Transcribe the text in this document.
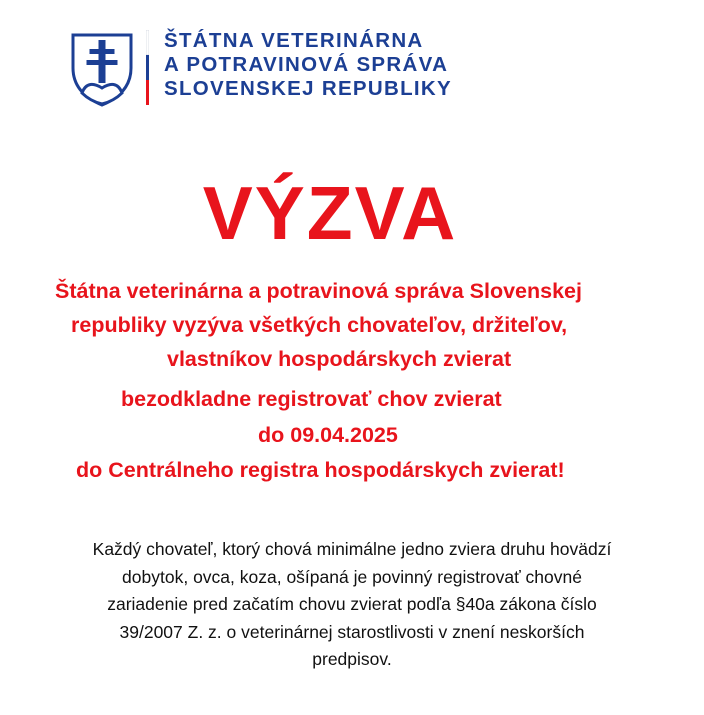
ŠTÁTNA VETERINÁRNA
A POTRAVINOVÁ SPRÁVA
SLOVENSKEJ REPUBLIKY
VÝZVA
Štátna veterinárna a potravinová správa Slovenskej
republiky vyzýva všetkých chovateľov, držiteľov,
vlastníkov hospodárskych zvierat
bezodkladne registrovať chov zvierat
do 09.04.2025
do Centrálneho registra hospodárskych zvierat!
Každý chovateľ, ktorý chová minimálne jedno zviera druhu hovädzí
dobytok, ovca, koza, ošípaná je povinný registrovať chovné
zariadenie pred začatím chovu zvierat podľa §40a zákona číslo
39/2007 Z. z. o veterinárnej starostlivosti v znení neskorších
predpisov.
